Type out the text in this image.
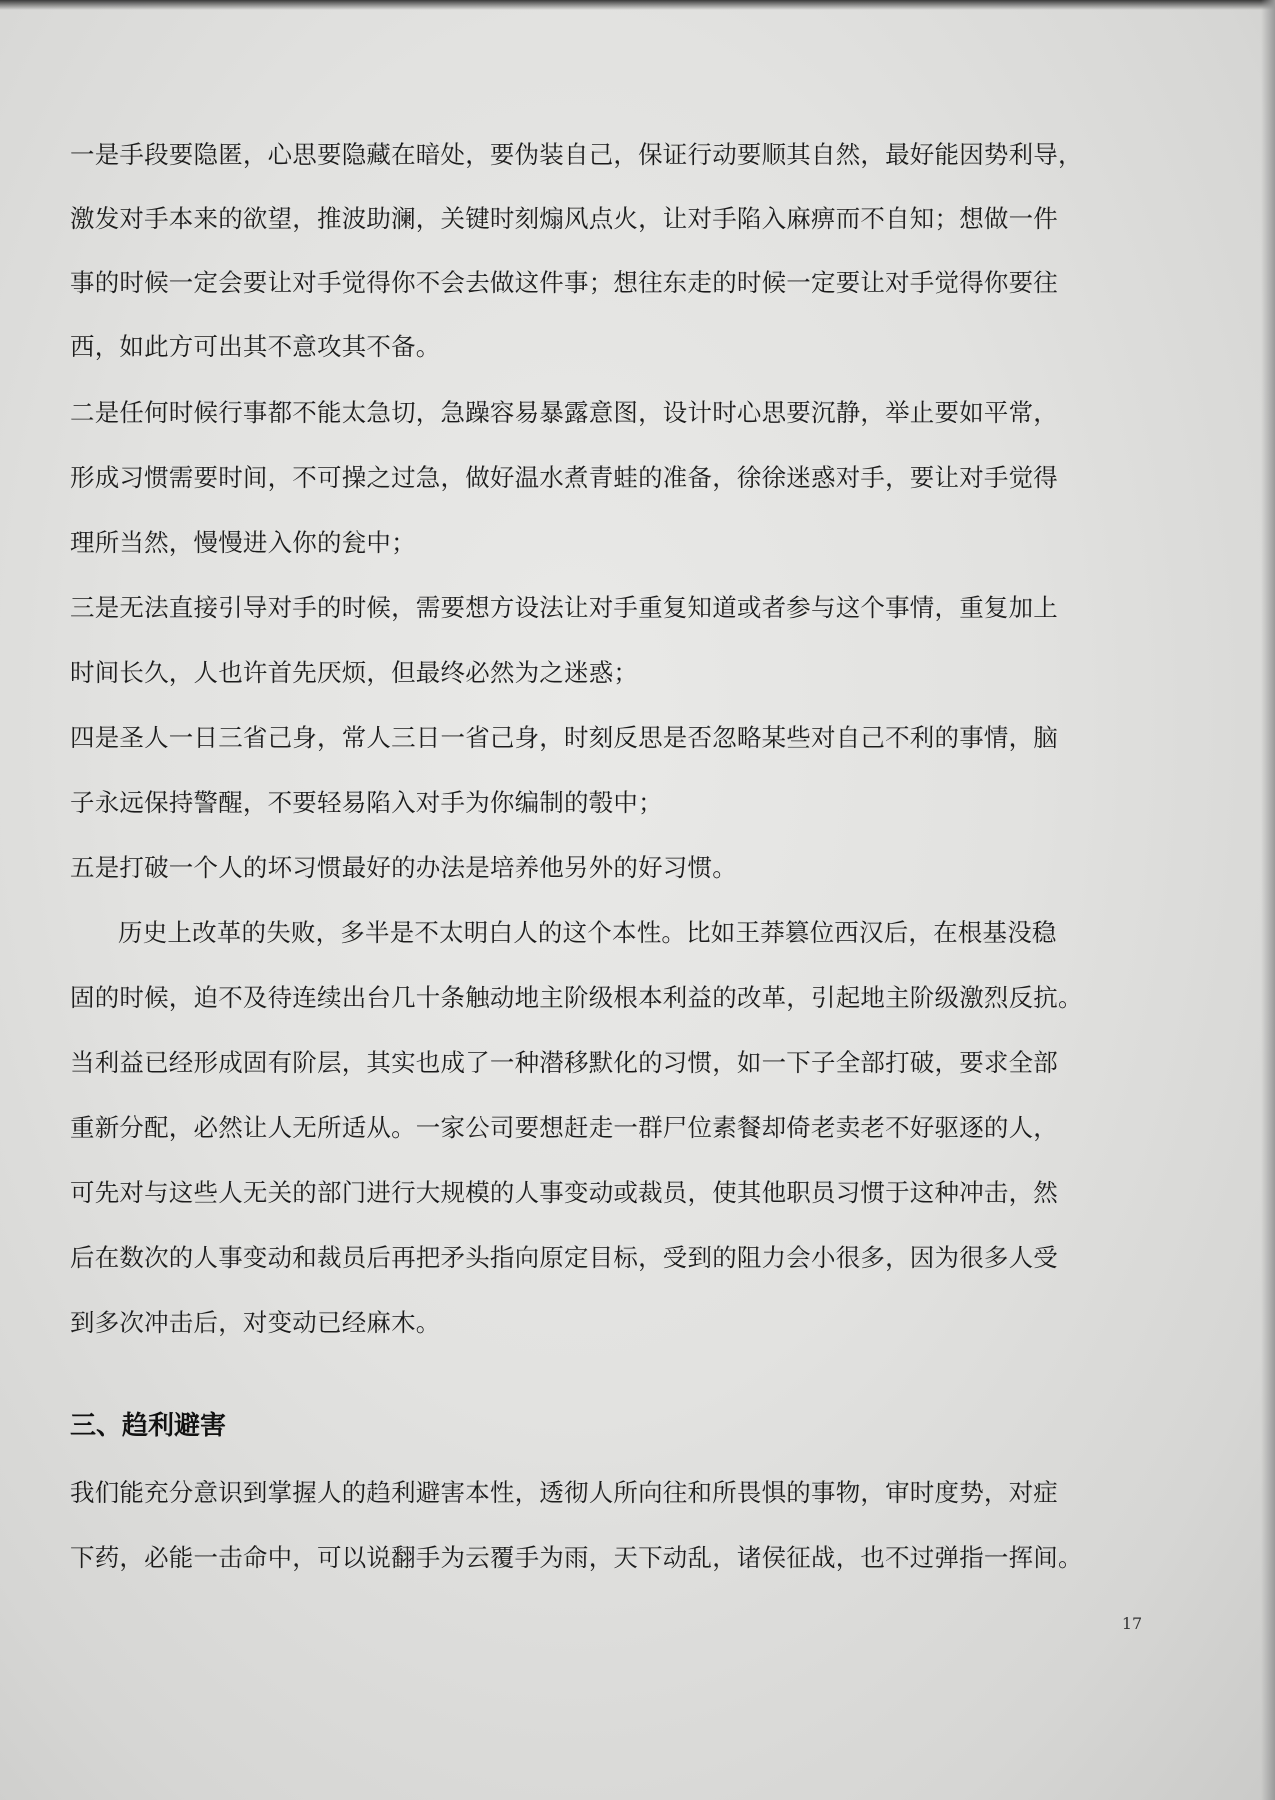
一是手段要隐匿，心思要隐藏在暗处，要伪装自己，保证行动要顺其自然，最好能因势利导，
激发对手本来的欲望，推波助澜，关键时刻煽风点火，让对手陷入麻痹而不自知；想做一件
事的时候一定会要让对手觉得你不会去做这件事；想往东走的时候一定要让对手觉得你要往
西，如此方可出其不意攻其不备。
二是任何时候行事都不能太急切，急躁容易暴露意图，设计时心思要沉静，举止要如平常，
形成习惯需要时间，不可操之过急，做好温水煮青蛙的准备，徐徐迷惑对手，要让对手觉得
理所当然，慢慢进入你的瓮中；
三是无法直接引导对手的时候，需要想方设法让对手重复知道或者参与这个事情，重复加上
时间长久，人也许首先厌烦，但最终必然为之迷惑；
四是圣人一日三省己身，常人三日一省己身，时刻反思是否忽略某些对自己不利的事情，脑
子永远保持警醒，不要轻易陷入对手为你编制的彀中；
五是打破一个人的坏习惯最好的办法是培养他另外的好习惯。
历史上改革的失败，多半是不太明白人的这个本性。比如王莽篡位西汉后，在根基没稳
固的时候，迫不及待连续出台几十条触动地主阶级根本利益的改革，引起地主阶级激烈反抗。
当利益已经形成固有阶层，其实也成了一种潜移默化的习惯，如一下子全部打破，要求全部
重新分配，必然让人无所适从。一家公司要想赶走一群尸位素餐却倚老卖老不好驱逐的人，
可先对与这些人无关的部门进行大规模的人事变动或裁员，使其他职员习惯于这种冲击，然
后在数次的人事变动和裁员后再把矛头指向原定目标，受到的阻力会小很多，因为很多人受
到多次冲击后，对变动已经麻木。
三、趋利避害
我们能充分意识到掌握人的趋利避害本性，透彻人所向往和所畏惧的事物，审时度势，对症
下药，必能一击命中，可以说翻手为云覆手为雨，天下动乱，诸侯征战，也不过弹指一挥间。
17
